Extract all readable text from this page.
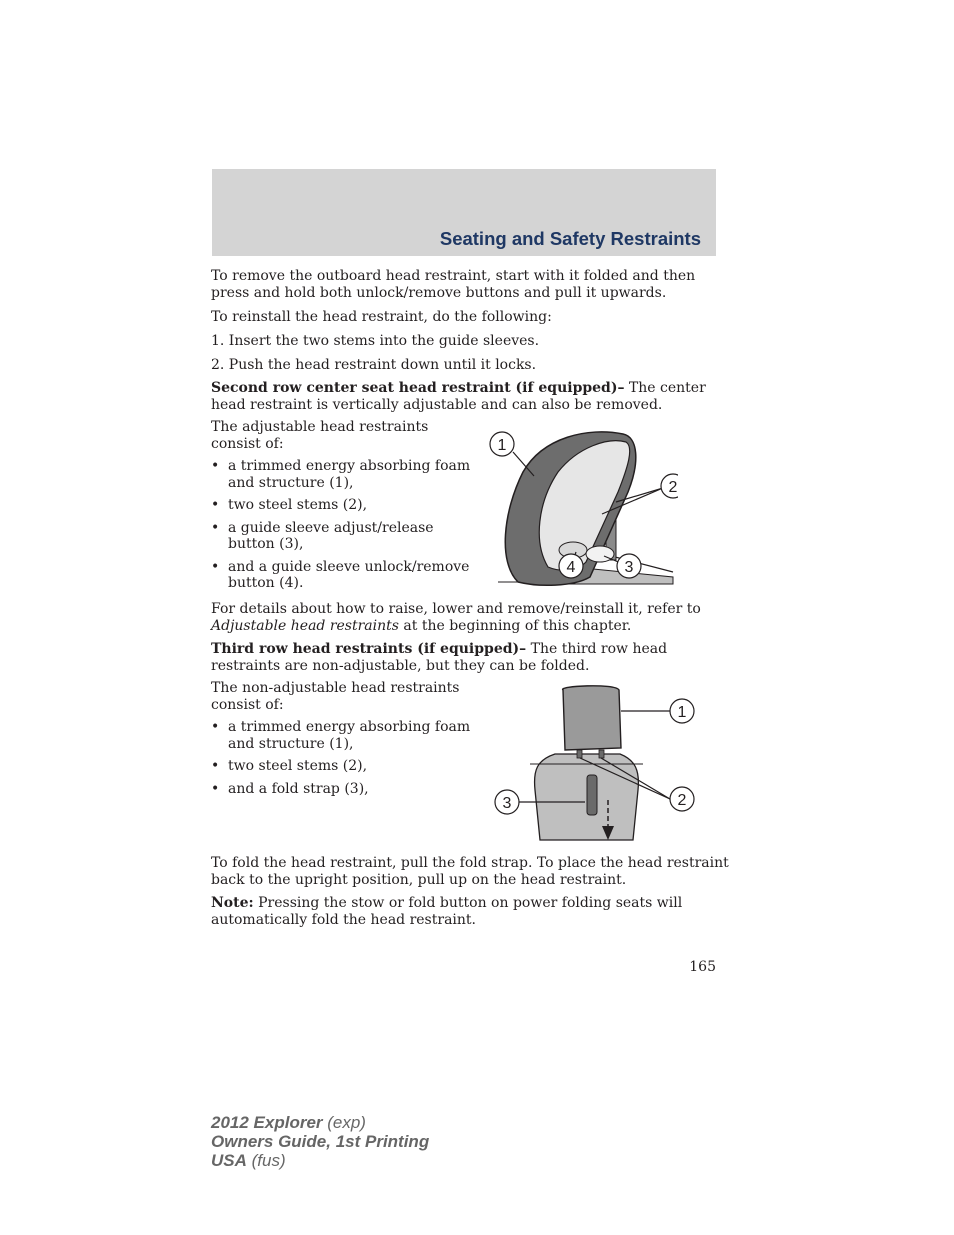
Seating and Safety Restraints

To remove the outboard head restraint, start with it folded and then

press and hold both unlock/remove buttons and pull it upwards.

To reinstall the head restraint, do the following:

1. Insert the two stems into the guide sleeves.

2. Push the head restraint down until it locks.

Second row center seat head restraint (if equipped)– The center

head restraint is vertically adjustable and can also be removed.

The adjustable head restraints

consist of:

• a trimmed energy absorbing foam
and structure (1),
• two steel stems (2),
• a guide sleeve adjust/release
button (3),
• and a guide sleeve unlock/remove
button (4).
1
2
4	3

For details about how to raise, lower and remove/reinstall it, refer to

Adjustable head restraints at the beginning of this chapter.

Third row head restraints (if equipped)– The third row head

restraints are non-adjustable, but they can be folded.

The non-adjustable head restraints

consist of:

• a trimmed energy absorbing foam
and structure (1),
• two steel stems (2),
• and a fold strap (3),
1
3	2

To fold the head restraint, pull the fold strap. To place the head restraint

back to the upright position, pull up on the head restraint.

Note: Pressing the stow or fold button on power folding seats will

automatically fold the head restraint.

165

2012 Explorer (exp)
Owners Guide, 1st Printing
USA (fus)
